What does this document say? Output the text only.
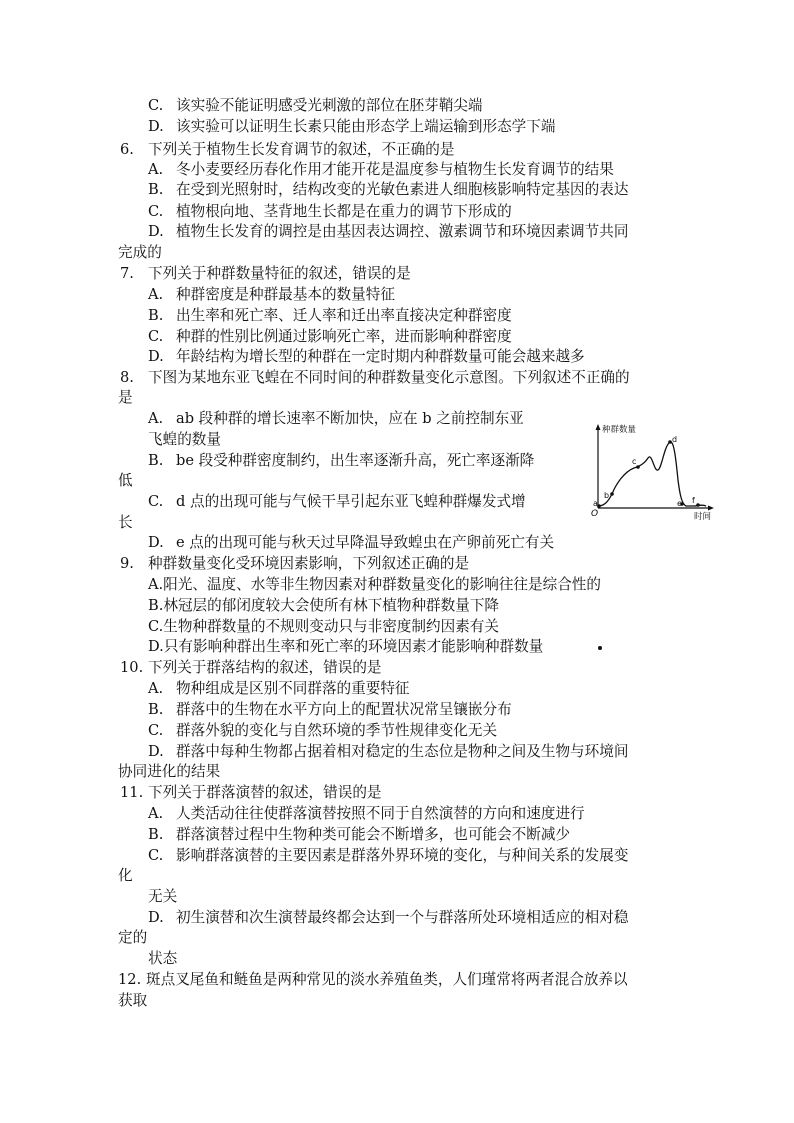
C. 该实验不能证明感受光刺激的部位在胚芽鞘尖端
D. 该实验可以证明生长素只能由形态学上端运输到形态学下端
6. 下列关于植物生长发育调节的叙述，不正确的是
A. 冬小麦要经历春化作用才能开花是温度参与植物生长发育调节的结果
B. 在受到光照射时，结构改变的光敏色素进人细胞核影响特定基因的表达
C. 植物根向地、茎背地生长都是在重力的调节下形成的
D. 植物生长发育的调控是由基因表达调控、激素调节和环境因素调节共同
完成的
7. 下列关于种群数量特征的叙述，错误的是
A. 种群密度是种群最基本的数量特征
B. 出生率和死亡率、迁人率和迁出率直接决定种群密度
C. 种群的性别比例通过影响死亡率，进而影响种群密度
D. 年龄结构为增长型的种群在一定时期内种群数量可能会越来越多
8. 下图为某地东亚飞蝗在不同时间的种群数量变化示意图。下列叙述不正确的
是
A. ab 段种群的增长速率不断加快，应在 b 之前控制东亚
飞蝗的数量
B. be 段受种群密度制约，出生率逐渐升高，死亡率逐渐降
低
C. d 点的出现可能与气候干旱引起东亚飞蝗种群爆发式增
长
D. e 点的出现可能与秋天过早降温导致蝗虫在产卵前死亡有关
9. 种群数量变化受环境因素影响，下列叙述正确的是
A.阳光、温度、水等非生物因素对种群数量变化的影响往往是综合性的
B.林冠层的郁闭度较大会使所有林下植物种群数量下降
C.生物种群数量的不规则变动只与非密度制约因素有关
D.只有影响种群出生率和死亡率的环境因素才能影响种群数量
10. 下列关于群落结构的叙述，错误的是
A. 物种组成是区别不同群落的重要特征
B. 群落中的生物在水平方向上的配置状况常呈镶嵌分布
C. 群落外貌的变化与自然环境的季节性规律变化无关
D. 群落中每种生物都占据着相对稳定的生态位是物种之间及生物与环境间
协同进化的结果
11. 下列关于群落演替的叙述，错误的是
A. 人类活动往往使群落演替按照不同于自然演替的方向和速度进行
B. 群落演替过程中生物种类可能会不断增多，也可能会不断减少
C. 影响群落演替的主要因素是群落外界环境的变化，与种间关系的发展变
化
无关
D. 初生演替和次生演替最终都会达到一个与群落所处环境相适应的相对稳
定的
状态
12. 斑点叉尾鱼和鲢鱼是两种常见的淡水养殖鱼类，人们瑾常将两者混合放养以
获取
种群数量
时间
O
a
b
c
d
e f
